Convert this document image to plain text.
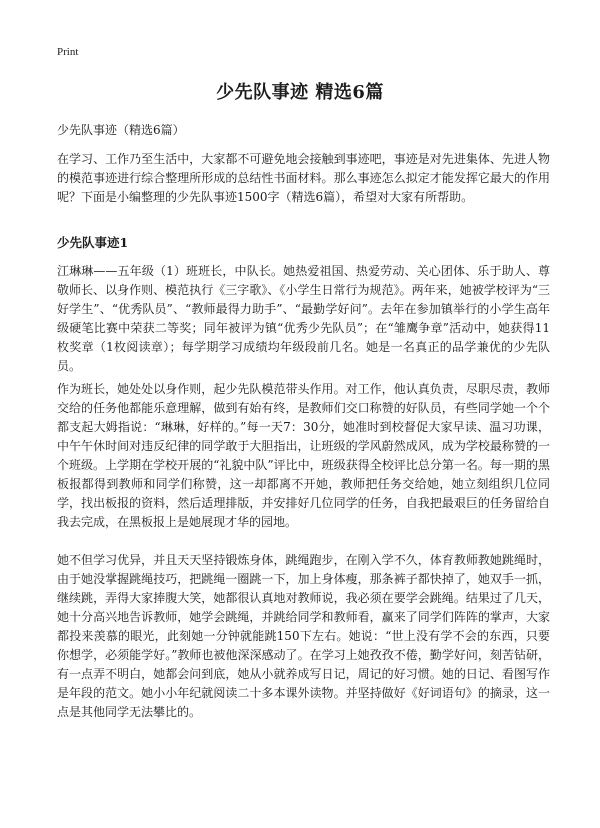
Print
少先队事迹 精选6篇
少先队事迹（精选6篇）

在学习、工作乃至生活中，大家都不可避免地会接触到事迹吧，事迹是对先进集体、先进人物的模范事迹进行综合整理所形成的总结性书面材料。那么事迹怎么拟定才能发挥它最大的作用呢？下面是小编整理的少先队事迹1500字（精选6篇），希望对大家有所帮助。

少先队事迹1

江琳琳——五年级（1）班班长，中队长。她热爱祖国、热爱劳动、关心团体、乐于助人、尊敬师长、以身作则、模范执行《三字歌》、《小学生日常行为规范》。两年来，她被学校评为“三好学生”、“优秀队员”、“教师最得力助手”、“最勤学好问”。去年在参加镇举行的小学生高年级硬笔比赛中荣获二等奖；同年被评为镇“优秀少先队员”；在“雏鹰争章”活动中，她获得11枚奖章（1枚阅读章）；每学期学习成绩均年级段前几名。她是一名真正的品学兼优的少先队员。

作为班长，她处处以身作则，起少先队模范带头作用。对工作，他认真负责，尽职尽责，教师交给的任务他都能乐意理解，做到有始有终，是教师们交口称赞的好队员，有些同学她一个个都支起大姆指说：“琳琳，好样的。”每一天7：30分，她准时到校督促大家早读、温习功课，中午午休时间对违反纪律的同学敢于大胆指出，让班级的学风蔚然成风，成为学校最称赞的一个班级。上学期在学校开展的“礼貌中队”评比中，班级获得全校评比总分第一名。每一期的黑板报都得到教师和同学们称赞，这一却都离不开她，教师把任务交给她，她立刻组织几位同学，找出板报的资料，然后适理排版，并安排好几位同学的任务，自我把最艰巨的任务留给自我去完成，在黑板报上是她展现才华的园地。

她不但学习优异，并且天天坚持锻炼身体，跳绳跑步，在刚入学不久，体育教师教她跳绳时，由于她没掌握跳绳技巧，把跳绳一圈跳一下，加上身体瘦，那条裤子都快掉了，她双手一抓，继续跳，弄得大家捧腹大笑，她都很认真地对教师说，我必须在要学会跳绳。结果过了几天，她十分高兴地告诉教师，她学会跳绳，并跳给同学和教师看，赢来了同学们阵阵的掌声，大家都投来羡慕的眼光，此刻她一分钟就能跳150下左右。她说：“世上没有学不会的东西，只要你想学，必须能学好。”教师也被他深深感动了。在学习上她孜孜不倦，勤学好问，刻苦钻研，有一点弄不明白，她都会问到底，她从小就养成写日记，周记的好习惯。她的日记、看图写作是年段的范文。她小小年纪就阅读二十多本课外读物。并坚持做好《好词语句》的摘录，这一点是其他同学无法攀比的。
